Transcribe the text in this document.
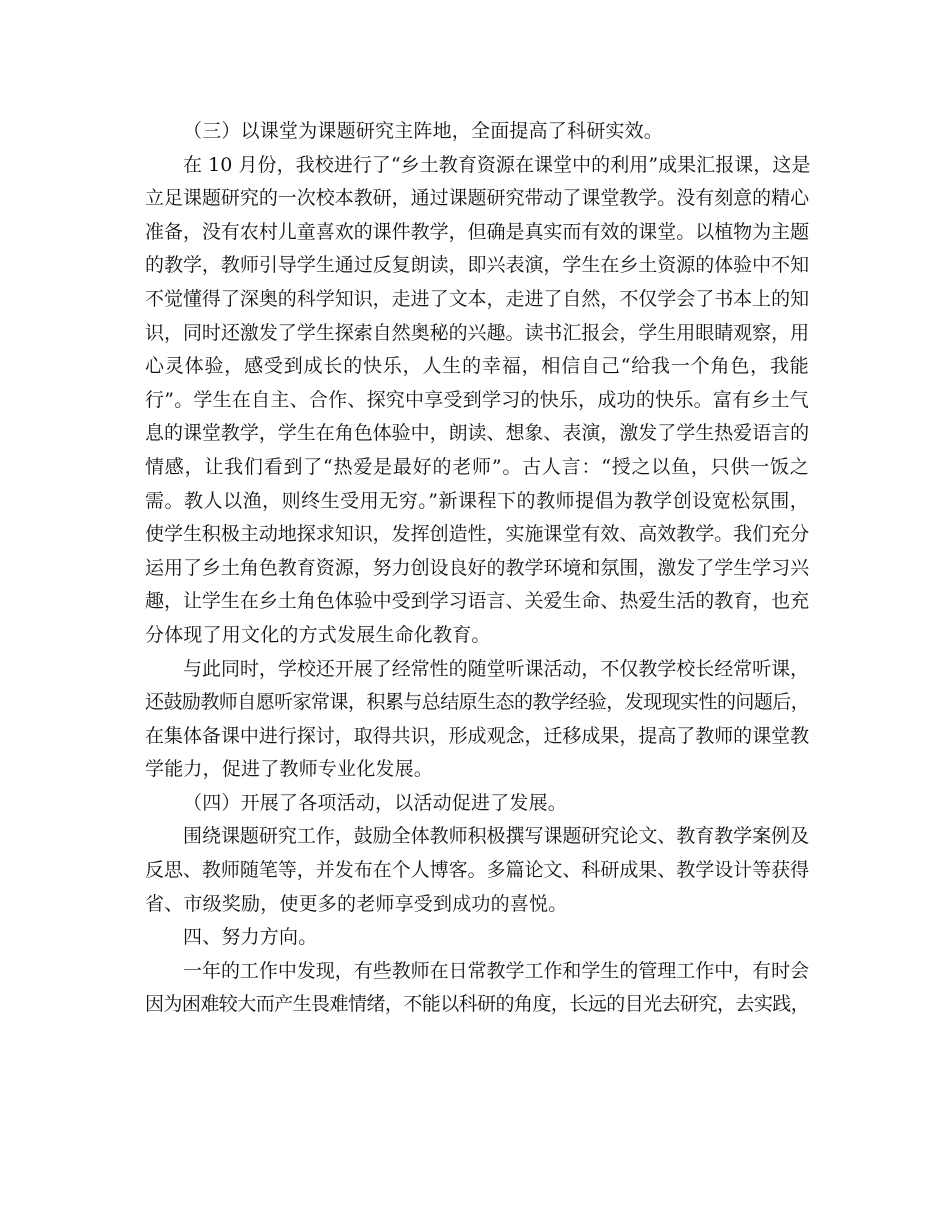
（三）以课堂为课题研究主阵地，全面提高了科研实效。
在 10 月份，我校进行了“乡土教育资源在课堂中的利用”成果汇报课，这是
立足课题研究的一次校本教研，通过课题研究带动了课堂教学。没有刻意的精心
准备，没有农村儿童喜欢的课件教学，但确是真实而有效的课堂。以植物为主题
的教学，教师引导学生通过反复朗读，即兴表演，学生在乡土资源的体验中不知
不觉懂得了深奥的科学知识，走进了文本，走进了自然，不仅学会了书本上的知
识，同时还激发了学生探索自然奥秘的兴趣。读书汇报会，学生用眼睛观察，用
心灵体验，感受到成长的快乐，人生的幸福，相信自己“给我一个角色，我能
行”。学生在自主、合作、探究中享受到学习的快乐，成功的快乐。富有乡土气
息的课堂教学，学生在角色体验中，朗读、想象、表演，激发了学生热爱语言的
情感，让我们看到了“热爱是最好的老师”。古人言：“授之以鱼，只供一饭之
需。教人以渔，则终生受用无穷。”新课程下的教师提倡为教学创设宽松氛围，
使学生积极主动地探求知识，发挥创造性，实施课堂有效、高效教学。我们充分
运用了乡土角色教育资源，努力创设良好的教学环境和氛围，激发了学生学习兴
趣，让学生在乡土角色体验中受到学习语言、关爱生命、热爱生活的教育，也充
分体现了用文化的方式发展生命化教育。
与此同时，学校还开展了经常性的随堂听课活动，不仅教学校长经常听课，
还鼓励教师自愿听家常课，积累与总结原生态的教学经验，发现现实性的问题后，
在集体备课中进行探讨，取得共识，形成观念，迁移成果，提高了教师的课堂教
学能力，促进了教师专业化发展。
（四）开展了各项活动，以活动促进了发展。
围绕课题研究工作，鼓励全体教师积极撰写课题研究论文、教育教学案例及
反思、教师随笔等，并发布在个人博客。多篇论文、科研成果、教学设计等获得
省、市级奖励，使更多的老师享受到成功的喜悦。
四、努力方向。
一年的工作中发现，有些教师在日常教学工作和学生的管理工作中，有时会
因为困难较大而产生畏难情绪，不能以科研的角度，长远的目光去研究，去实践，
